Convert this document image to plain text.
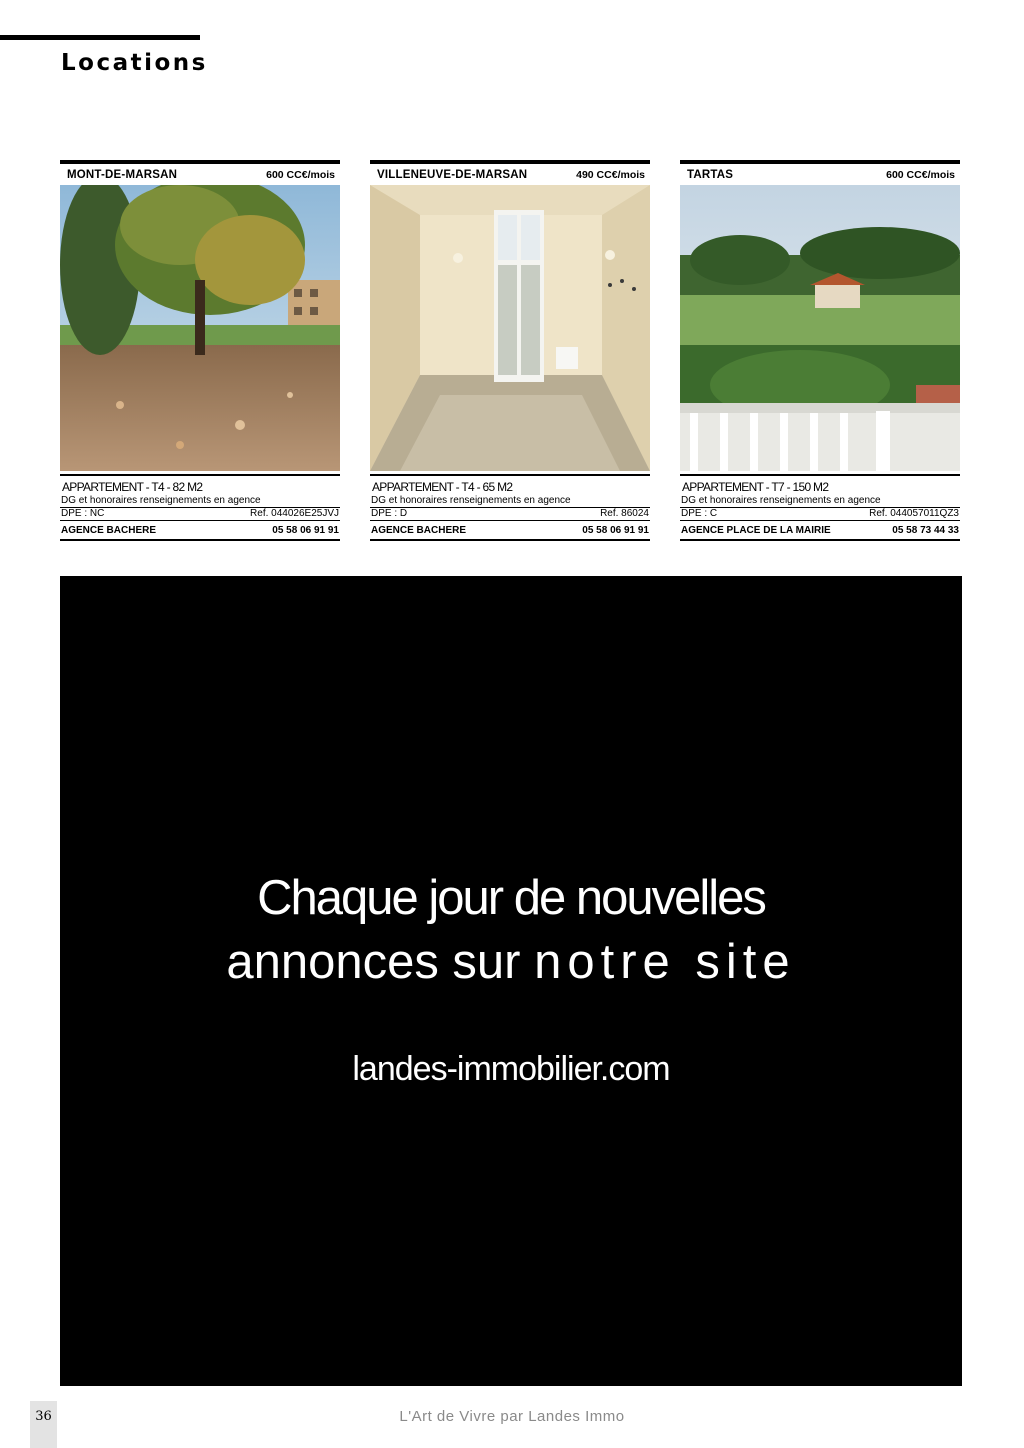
Locations
MONT-DE-MARSAN	600 CC€/mois
APPARTEMENT - T4 - 82 M2
DG et honoraires renseignements en agence
DPE : NC	Ref. 044026E25JVJ
AGENCE BACHERE	05 58 06 91 91
VILLENEUVE-DE-MARSAN	490 CC€/mois
APPARTEMENT - T4 - 65 M2
DG et honoraires renseignements en agence
DPE : D	Ref. 86024
AGENCE BACHERE	05 58 06 91 91
TARTAS	600 CC€/mois
APPARTEMENT - T7 - 150 M2
DG et honoraires renseignements en agence
DPE : C	Ref. 044057011QZ3
AGENCE PLACE DE LA MAIRIE	05 58 73 44 33
Chaque jour de nouvelles
annonces sur notre site
landes-immobilier.com
36	L'Art de Vivre par Landes Immo
